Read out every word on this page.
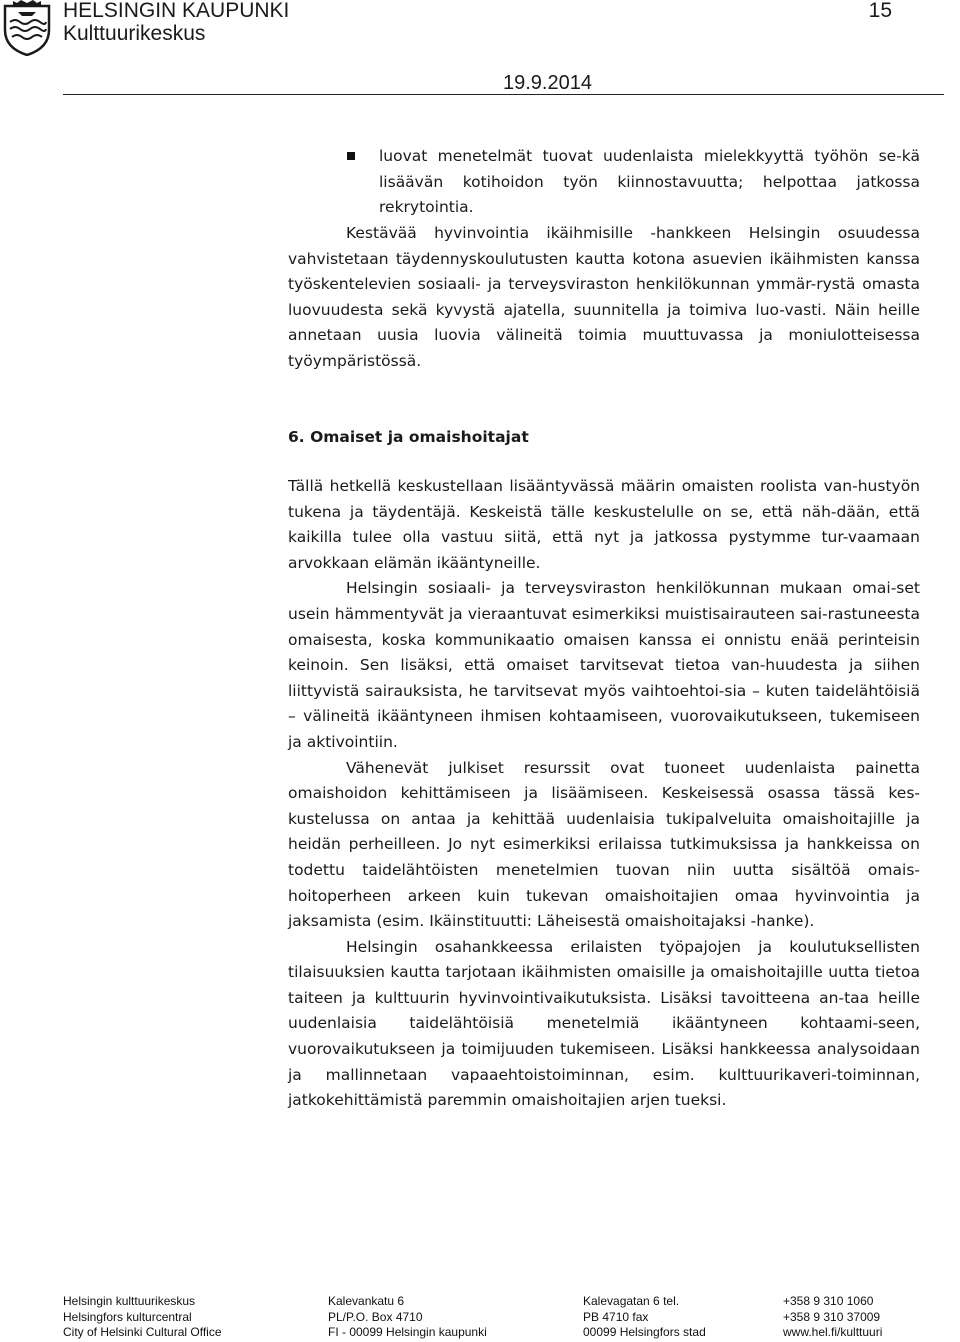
HELSINGIN KAUPUNKI
Kulttuurikeskus
15
19.9.2014

luovat menetelmät tuovat uudenlaista mielekkyyttä työhön se-kä lisäävän kotihoidon työn kiinnostavuutta; helpottaa jatkossa rekrytointia.

Kestävää hyvinvointia ikäihmisille -hankkeen Helsingin osuudessa vahvistetaan täydennyskoulutusten kautta kotona asuevien ikäihmisten kanssa työskentelevien sosiaali- ja terveysviraston henkilökunnan ymmär-rystä omasta luovuudesta sekä kyvystä ajatella, suunnitella ja toimiva luo-vasti. Näin heille annetaan uusia luovia välineitä toimia muuttuvassa ja moniulotteisessa työympäristössä.

6. Omaiset ja omaishoitajat

Tällä hetkellä keskustellaan lisääntyvässä määrin omaisten roolista van-hustyön tukena ja täydentäjä. Keskeistä tälle keskustelulle on se, että näh-dään, että kaikilla tulee olla vastuu siitä, että nyt ja jatkossa pystymme tur-vaamaan arvokkaan elämän ikääntyneille.

Helsingin sosiaali- ja terveysviraston henkilökunnan mukaan omai-set usein hämmentyvät ja vieraantuvat esimerkiksi muistisairauteen sai-rastuneesta omaisesta, koska kommunikaatio omaisen kanssa ei onnistu enää perinteisin keinoin. Sen lisäksi, että omaiset tarvitsevat tietoa van-huudesta ja siihen liittyvistä sairauksista, he tarvitsevat myös vaihtoehtoi-sia – kuten taidelähtöisiä – välineitä ikääntyneen ihmisen kohtaamiseen, vuorovaikutukseen, tukemiseen ja aktivointiin.

Vähenevät julkiset resurssit ovat tuoneet uudenlaista painetta omaishoidon kehittämiseen ja lisäämiseen. Keskeisessä osassa tässä kes-kustelussa on antaa ja kehittää uudenlaisia tukipalveluita omaishoitajille ja heidän perheilleen. Jo nyt esimerkiksi erilaissa tutkimuksissa ja hankkeissa on todettu taidelähtöisten menetelmien tuovan niin uutta sisältöä omais-hoitoperheen arkeen kuin tukevan omaishoitajien omaa hyvinvointia ja jaksamista (esim. Ikäinstituutti: Läheisestä omaishoitajaksi -hanke).

Helsingin osahankkeessa erilaisten työpajojen ja koulutuksellisten tilaisuuksien kautta tarjotaan ikäihmisten omaisille ja omaishoitajille uutta tietoa taiteen ja kulttuurin hyvinvointivaikutuksista. Lisäksi tavoitteena an-taa heille uudenlaisia taidelähtöisiä menetelmiä ikääntyneen kohtaami-seen, vuorovaikutukseen ja toimijuuden tukemiseen. Lisäksi hankkeessa analysoidaan ja mallinnetaan vapaaehtoistoiminnan, esim. kulttuurikaveri-toiminnan, jatkokehittämistä paremmin omaishoitajien arjen tueksi.

Helsingin kulttuurikeskus
Helsingfors kulturcentral
City of Helsinki Cultural Office
Kalevankatu 6
PL/P.O. Box 4710
FI - 00099 Helsingin kaupunki
Kalevagatan 6 tel.
PB 4710 fax
00099 Helsingfors stad
+358 9 310 1060
+358 9 310 37009
www.hel.fi/kulttuuri
